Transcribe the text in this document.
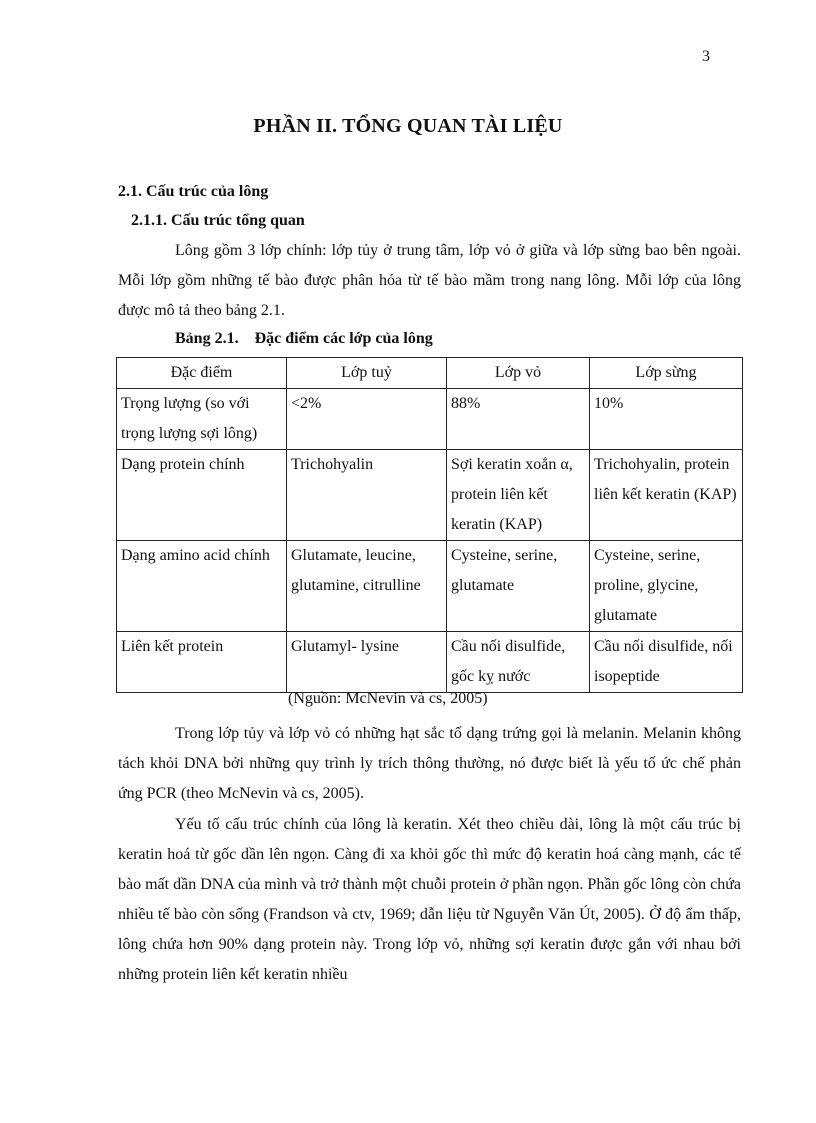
3
PHẦN II. TỔNG QUAN TÀI LIỆU
2.1. Cấu trúc của lông
2.1.1. Cấu trúc tổng quan

Lông gồm 3 lớp chính: lớp tủy ở trung tâm, lớp vỏ ở giữa và lớp sừng bao bên ngoài. Mỗi lớp gồm những tế bào được phân hóa từ tế bào mầm trong nang lông. Mỗi lớp của lông được mô tả theo bảng 2.1.

Bảng 2.1. Đặc điểm các lớp của lông
Đặc điểm	Lớp tuỷ	Lớp vỏ	Lớp sừng
Trọng lượng (so với trọng lượng sợi lông)	<2%	88%	10%
Dạng protein chính	Trichohyalin	Sợi keratin xoắn α, protein liên kết keratin (KAP)	Trichohyalin, protein liên kết keratin (KAP)
Dạng amino acid chính	Glutamate, leucine, glutamine, citrulline	Cysteine, serine, glutamate	Cysteine, serine, proline, glycine, glutamate
Liên kết protein	Glutamyl- lysine	Cầu nối disulfide, gốc kỵ nước	Cầu nối disulfide, nối isopeptide
(Nguồn: McNevin và cs, 2005)

Trong lớp tủy và lớp vỏ có những hạt sắc tố dạng trứng gọi là melanin. Melanin không tách khỏi DNA bởi những quy trình ly trích thông thường, nó được biết là yếu tố ức chế phản ứng PCR (theo McNevin và cs, 2005).

Yếu tố cấu trúc chính của lông là keratin. Xét theo chiều dài, lông là một cấu trúc bị keratin hoá từ gốc dần lên ngọn. Càng đi xa khỏi gốc thì mức độ keratin hoá càng mạnh, các tế bào mất dần DNA của mình và trở thành một chuỗi protein ở phần ngọn. Phần gốc lông còn chứa nhiều tế bào còn sống (Frandson và ctv, 1969; dẫn liệu từ Nguyễn Văn Út, 2005). Ở độ ẩm thấp, lông chứa hơn 90% dạng protein này. Trong lớp vỏ, những sợi keratin được gắn với nhau bởi những protein liên kết keratin nhiều
